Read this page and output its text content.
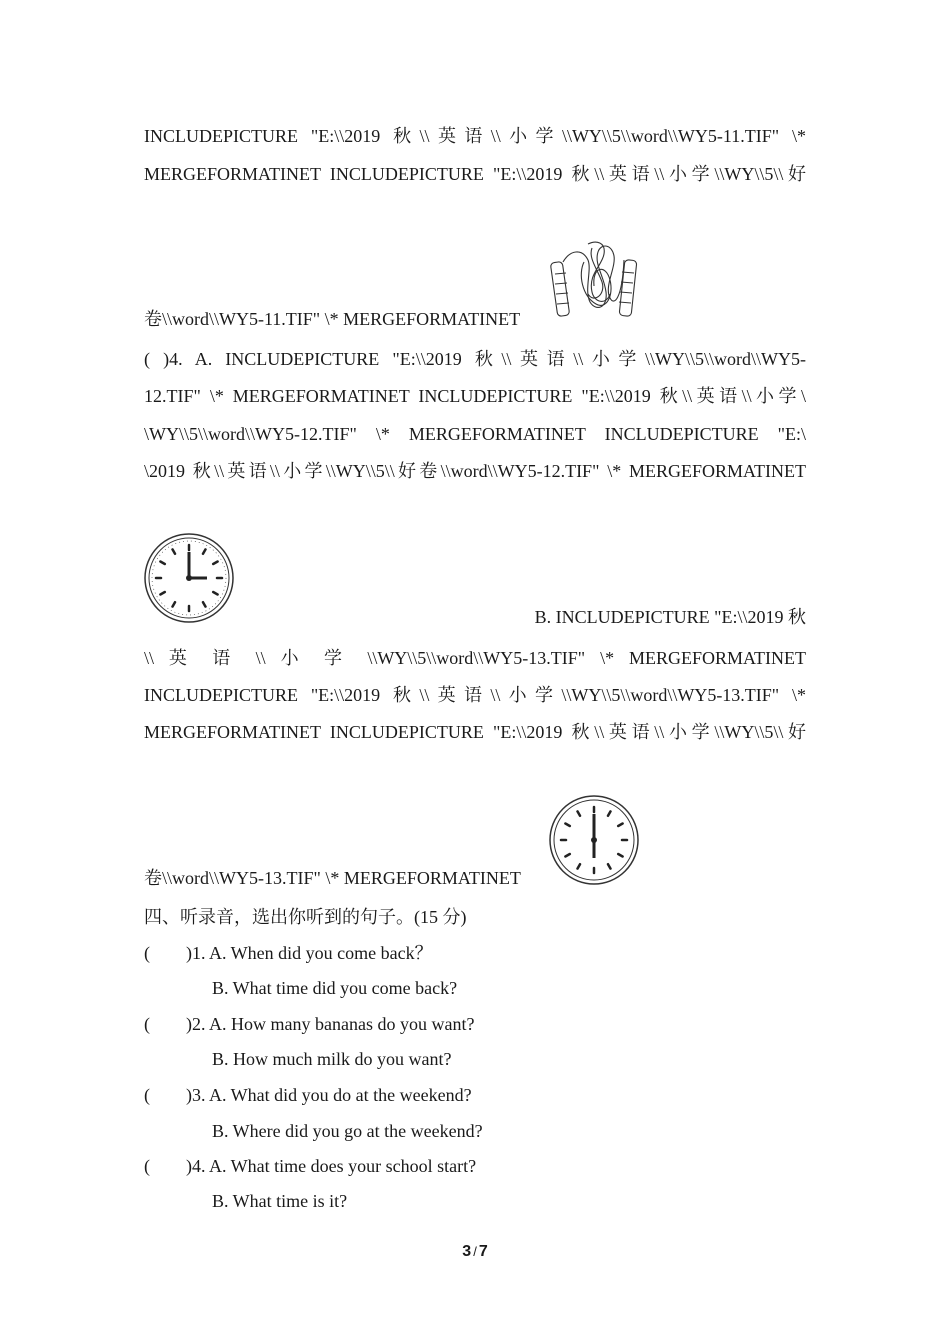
INCLUDEPICTURE "E:\\2019 秋\\英语\\小学\\WY\\5\\word\\WY5-11.TIF" \*
MERGEFORMATINET INCLUDEPICTURE "E:\\2019 秋\\英语\\小学\\WY\\5\\好
卷\\word\\WY5-11.TIF" \* MERGEFORMATINET
( )4. A. INCLUDEPICTURE "E:\\2019 秋\\英语\\小学\\WY\\5\\word\\WY5-
12.TIF" \* MERGEFORMATINET INCLUDEPICTURE "E:\\2019 秋\\英语\\小学\
\WY\\5\\word\\WY5-12.TIF" \* MERGEFORMATINET INCLUDEPICTURE "E:\
\2019 秋\\英语\\小学\\WY\\5\\好卷\\word\\WY5-12.TIF" \* MERGEFORMATINET
B. INCLUDEPICTURE "E:\\2019 秋
\\ 英 语 \\ 小 学 \\WY\\5\\word\\WY5-13.TIF" \* MERGEFORMATINET
INCLUDEPICTURE "E:\\2019 秋\\英语\\小学\\WY\\5\\word\\WY5-13.TIF" \*
MERGEFORMATINET INCLUDEPICTURE "E:\\2019 秋\\英语\\小学\\WY\\5\\好
卷\\word\\WY5-13.TIF" \* MERGEFORMATINET
四、听录音，选出你听到的句子。(15 分)
(        )1. A. When did you come back？
B. What time did you come back?
(        )2. A. How many bananas do you want?
B. How much milk do you want?
(        )3. A. What did you do at the weekend?
B. Where did you go at the weekend?
(        )4. A. What time does your school start?
B. What time is it?
3 / 7
